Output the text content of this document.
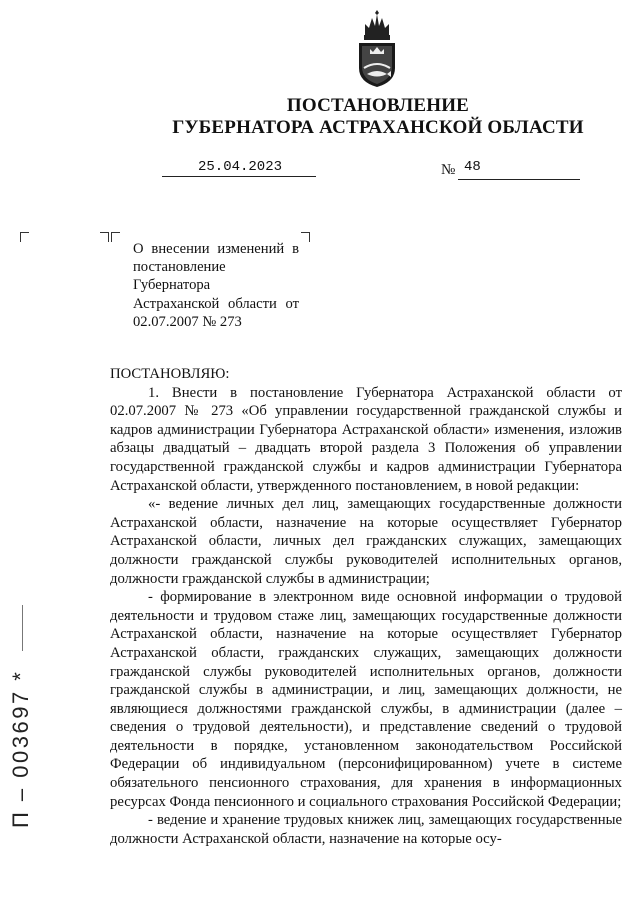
ПОСТАНОВЛЕНИЕ
ГУБЕРНАТОРА АСТРАХАНСКОЙ ОБЛАСТИ
25.04.2023	№ 48
О внесении изменений в постановление Губернатора Астраханской области от 02.07.2007 № 273

ПОСТАНОВЛЯЮ:

1. Внести в постановление Губернатора Астраханской области от 02.07.2007 № 273 «Об управлении государственной гражданской службы и кадров администрации Губернатора Астраханской области» изменения, изложив абзацы двадцатый – двадцать второй раздела 3 Положения об управлении государственной гражданской службы и кадров администрации Губернатора Астраханской области, утвержденного постановлением, в новой редакции:

«- ведение личных дел лиц, замещающих государственные должности Астраханской области, назначение на которые осуществляет Губернатор Астраханской области, личных дел гражданских служащих, замещающих должности гражданской службы руководителей исполнительных органов, должности гражданской службы в администрации;

- формирование в электронном виде основной информации о трудовой деятельности и трудовом стаже лиц, замещающих государственные должности Астраханской области, назначение на которые осуществляет Губернатор Астраханской области, гражданских служащих, замещающих должности гражданской службы руководителей исполнительных органов, должности гражданской службы в администрации, и лиц, замещающих должности, не являющиеся должностями гражданской службы, в администрации (далее – сведения о трудовой деятельности), и представление сведений о трудовой деятельности в порядке, установленном законодательством Российской Федерации об индивидуальном (персонифицированном) учете в системе обязательного пенсионного страхования, для хранения в информационных ресурсах Фонда пенсионного и социального страхования Российской Федерации;

- ведение и хранение трудовых книжек лиц, замещающих государственные должности Астраханской области, назначение на которые осу-

П – 003697 *
